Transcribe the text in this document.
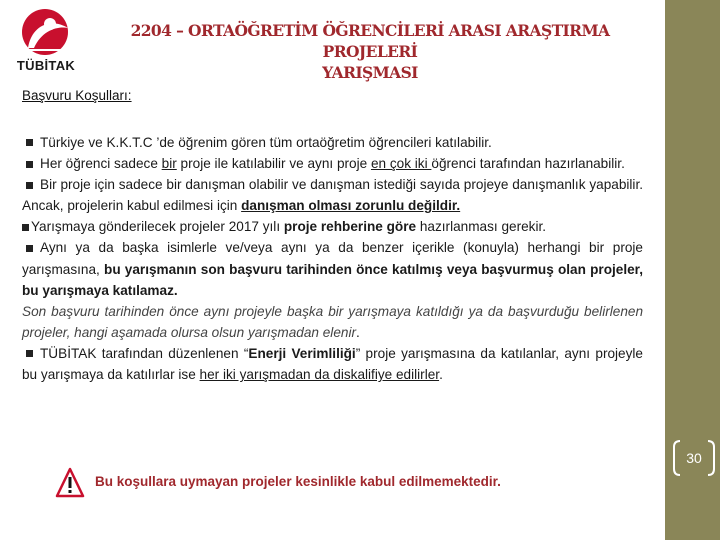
TÜBİTAK
2204 – ORTAÖĞRETİM ÖĞRENCİLERİ ARASI ARAŞTIRMA PROJELERİ
YARIŞMASI
Başvuru Koşulları:

Türkiye ve K.K.T.C ’de öğrenim gören tüm ortaöğretim öğrencileri katılabilir.

Her öğrenci sadece bir proje ile katılabilir ve aynı proje en çok iki öğrenci tarafından hazırlanabilir.

Bir proje için sadece bir danışman olabilir ve danışman istediği sayıda projeye danışmanlık yapabilir. Ancak, projelerin kabul edilmesi için danışman olması zorunlu değildir.

Yarışmaya gönderilecek projeler 2017 yılı proje rehberine göre hazırlanması gerekir.

Aynı ya da başka isimlerle ve/veya aynı ya da benzer içerikle (konuyla) herhangi bir proje yarışmasına, bu yarışmanın son başvuru tarihinden önce katılmış veya başvurmuş olan projeler, bu yarışmaya katılamaz.

Son başvuru tarihinden önce aynı projeyle başka bir yarışmaya katıldığı ya da başvurduğu belirlenen projeler, hangi aşamada olursa olsun yarışmadan elenir.

TÜBİTAK tarafından düzenlenen “Enerji Verimliliği” proje yarışmasına da katılanlar, aynı projeyle bu yarışmaya da katılırlar ise her iki yarışmadan da diskalifiye edilirler.

Bu koşullara uymayan projeler kesinlikle kabul edilmemektedir.
30
